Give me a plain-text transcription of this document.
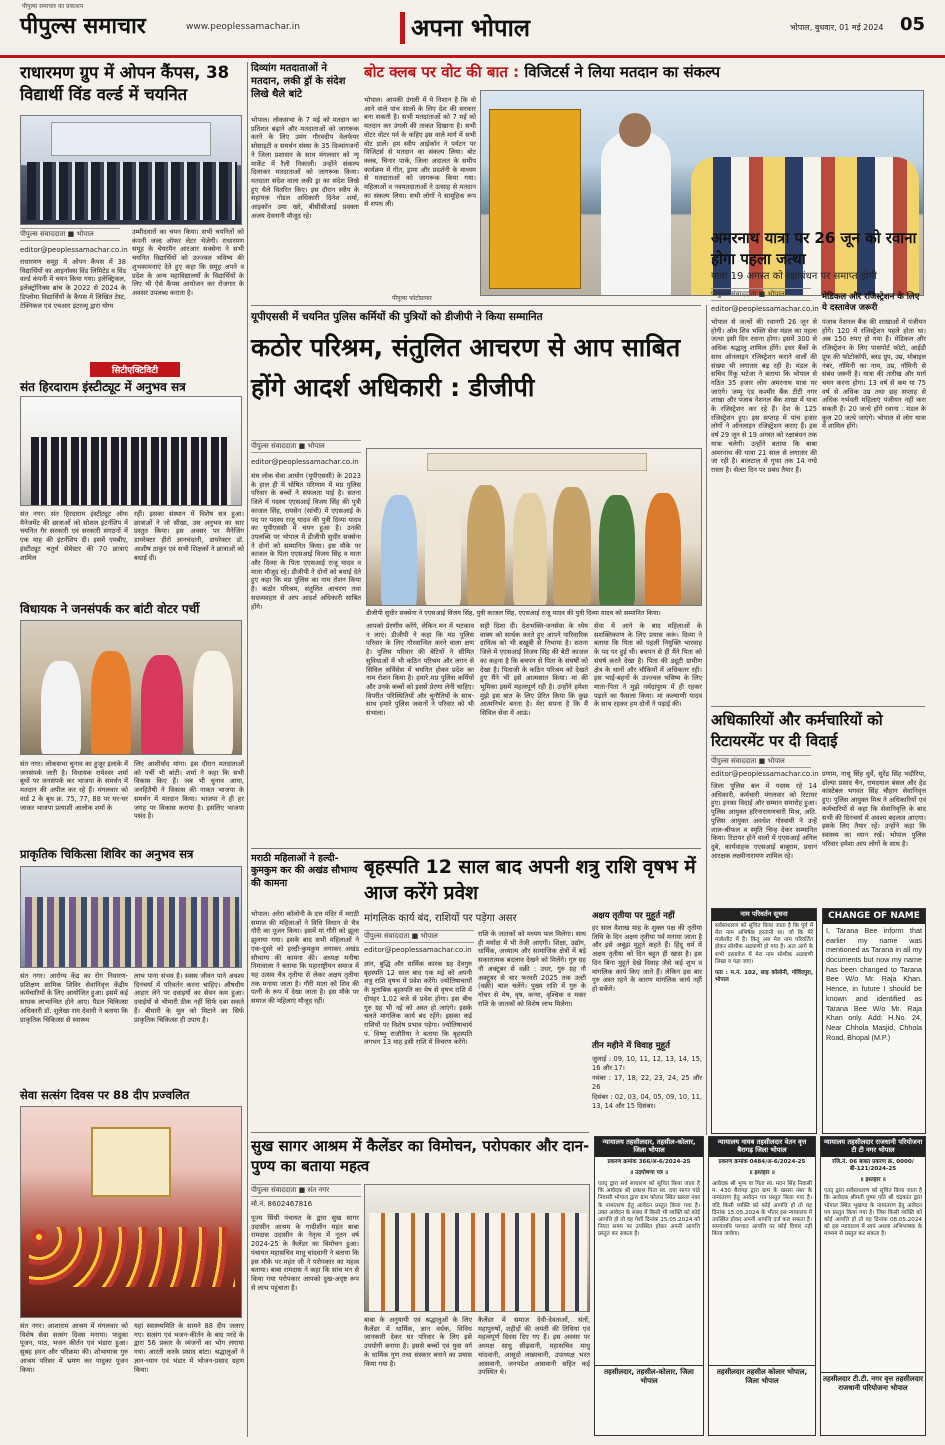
पीपुल्स समाचार का प्रकाशन
पीपुल्स समाचार	www.peoplessamachar.in	अपना भोपाल	भोपाल, बुधवार, 01 मई 2024 05
राधारमण ग्रुप में ओपन कैंपस, 38 विद्यार्थी विंड वर्ल्ड में चयनित
पीपुल्स संवाददाता ■ भोपाल
editor@peoplessamachar.co.in
राधारमण समूह में ओपन कैंपस में 38 विद्यार्थियों का आइनॉक्स विंड लिमिटेड व विंड वर्ल्ड कंपनी में चयन किया गया। इलेक्ट्रिकल, इलेक्ट्रॉनिक्स ब्रांच के 2022 से 2024 के डिप्लोमा विद्यार्थियों के कैंपस में लिखित टेस्ट, टेक्निकल एवं एचआर इंटरव्यू द्वारा योग्य
उम्मीदवारों का चयन किया। सभी चयनितों को कंपनी जल्द ऑफर लेटर भेजेगी। राधारमण समूह के चेयरमैन आरआर सक्सेना ने सभी चयनित विद्यार्थियों को उज्ज्वल भविष्य की शुभकामनाएं देते हुए कहा कि समूह अपने व प्रदेश के अन्य महाविद्यालयों के विद्यार्थियों के लिए भी ऐसे कैंपस आयोजन कर रोजगार के अवसर उपलब्ध कराता है।
सिटीएक्टिविटी
संत हिरदाराम इंस्टीट्यूट में अनुभव सत्र
संत नगर। संत हिरदाराम इंस्टीट्यूट ऑफ मैनेजमेंट की छात्राओं को सोशल इंटर्नशिप में चयनित गैर सरकारी एवं सरकारी संगठनों में एक माह की इंटर्नशिप दी। इसमें एमबीए, इंस्टीट्यूट चतुर्थ सेमेस्टर की 70 छात्राएं शामिल
रहीं। इसका संस्थान में विशेष सत्र हुआ। छात्राओं ने जो सीखा, उस अनुभव का सार प्रस्तुत किया। इस अवसर पर मैनेजिंग डायरेक्टर हीरो ज्ञानचंदानी, डायरेक्टर डॉ. आशीष ठाकुर एवं सभी शिक्षकों ने छात्राओं को बधाई दी।
विधायक ने जनसंपर्क कर बांटी वोटर पर्ची
संत नगर। लोकसभा चुनाव का हुजूर इलाके में जनसंपर्क जारी है। विधायक रामेश्वर शर्मा बूथों पर जनसंपर्क कर भाजपा के समर्थन में मतदान की अपील कर रहे हैं। मंगलवार को वार्ड 2 के बूथ क्र. 75, 77, 88 पर घर-घर जाकर भाजपा प्रत्याशी आलोक शर्मा के
लिए आशीर्वाद मांगा। इस दौरान मतदाताओं को पर्ची भी बांटी। शर्मा ने कहा कि सभी विकास किए हैं। जब भी चुनाव आया, जनहितैषी ने विकास की नाकत भाजपा के समर्थन में मतदान किया। भाजपा ने ही हर जगह पर विकास कराया है। इसलिए भाजपा पसंद है।
प्राकृतिक चिकित्सा शिविर का अनुभव सत्र
संत नगर। आरोग्य केंद्र का रोग निवारण-प्रशिक्षण सामिक शिविर सेवानिवृत्त केंद्रीय कर्मचारियों के लिए आयोजित हुआ। इसमें कई साधक लाभान्वित होने आए। पैडल चिकित्सा अधिकारी डॉ. शुलेखा राय देवानी ने बताया कि प्राकृतिक चिकित्सा से स्वास्थ्य
लाभ पाना संभव है। स्वस्थ जीवन पाने अवश्य दिनचर्या में परिवर्तन करना चाहिए। औषधीय आहार लेने पर दवाइयों का सेवन कम हुआ। दवाईयों से भीमारी ठीक नहीं सिर्फ दबा सकते हैं। बीमारी के मूल को मिटाने का सिर्फ प्राकृतिक चिकित्सा ही उपाय है।
सेवा सत्संग दिवस पर 88 दीप प्रज्वलित
संत नगर। आशाराम आश्रम में मंगलवार को विशेष सेवा सत्संग दिवस मनाया। पादुका पूजन, पाठ, भजन कीर्तन एवं भंडारा हुआ। सुबह हवन और परिक्रमा की। शोभायात्रा गुरु आश्रम परिसर में भ्रमण कर पादुका पूजन किया।
यहां स्वास्थ्यमिति के सामने 88 दीप जलाए गए। सत्संग एवं भजन-कीर्तन के बाद परदे के द्वारा 56 प्रकार के व्यंजनों का भोग लगाया गया। आरती करके प्रसाद बांटा। श्रद्धालुओं ने ज्ञान-ध्यान एवं भंडार में भोजन-प्रसाद ग्रहण किया।
दिव्यांग मतदाताओं ने मतदान, लकी ड्रॉ के संदेश लिखे थैले बांटे
भोपाल। लोकसभा के 7 मई को मतदान का प्रतिशत बढ़ाने और मतदाताओं को जागरूक करने के लिए उमंग गौरवदीप वेलफेयर सोसाइटी व समर्थन संस्था के 35 दिव्यांगजनों ने जिला प्रशासन के साथ मंगलवार को न्यू मार्केट में रैली निकाली। उन्होंने संकल्प दिलाकर मतदाताओं को जागरूक किया। मतदाता संदेश वाला लकी ड्रा का संदेश लिखे हुए थैले वितरित किए। इस दौरान स्वीप के सहायक नोडल अधिकारी दिनेश शर्मा, आइकॉन उमा खरे, बीसीसीआई प्रवक्ता अजय देवनानी मौजूद रहे।
बोट क्लब पर वोट की बात : विजिटर्स ने लिया मतदान का संकल्प
भोपाल। आपकी उंगली में ये निशान है कि वो आने वाले पांच सालों के लिए देश की सरकार बना सकती है। सभी मतदाताओं को 7 मई को मतदान कर उंगली की ताकत दिखाना है। सभी वोटर वोटर पर्व के कहिए इस वाले मार्ग में सभी वोट डालें। हम स्वीप आईकॉन ने पर्यटन पर विजिटर्स से मतदान का संकल्प लिया। बोट क्लब, चिनार पार्क, जिला अदालत के समीप कार्यक्रम में गीत, ड्रामा और प्रदर्शनी के माध्यम से मतदाताओं को जागरूक किया गया। महिलाओं व नवमतदाताओं ने उत्साह से मतदान का संकल्प लिया। सभी लोगों ने सामूहिक रूप से शपथ ली।
पीपुल्स फोटोग्राफर
यूपीएससी में चयनित पुलिस कर्मियों की पुत्रियों को डीजीपी ने किया सम्मानित
कठोर परिश्रम, संतुलित आचरण से आप साबित होंगे आदर्श अधिकारी : डीजीपी
पीपुल्स संवाददाता ■ भोपाल
editor@peoplessamachar.co.in
संघ लोक सेवा आयोग (यूपीएससी) के 2023 के हाल ही में घोषित परिणाम में मप्र पुलिस परिवार के बच्चों ने सफलता पाई है। सतना जिले में पदस्थ एएसआई विजय सिंह की पुत्री काजल सिंह, रायसेन (सांची) में एएसआई के पद पर पदस्थ राजू यादव की पुत्री दिव्या यादव का यूपीएससी में चयन हुआ है। उनकी उपलब्धि पर भोपाल में डीजीपी सुधीर सक्सेना ने दोनों को सम्मानित किया। इस मौके पर काजल के पिता एएसआई विजय सिंह व माता और दिव्या के पिता एएसआई राजू यादव व माता मौजूद रहे। डीजीपी ने दोनों को बधाई देते हुए कहा कि मप्र पुलिस का नाम रोशन किया है। कठोर परिश्रम, संतुलित आचरण तथा सदव्यवहार से आप आदर्श अधिकारी साबित होंगे।
डीजीपी सुधीर सक्सेना ने एएसआई विजय सिंह, पुत्री काजल सिंह, एएसआई राजू यादव की पुत्री दिव्या यादव को सम्मानित किया।
आपको प्रेरणीय करेंगे, लेकिन मन में भटकाव न लाएं। डीजीपी ने कहा कि मप्र पुलिस परिवार के लिए गौरवान्वित करने वाला क्षण है। पुलिस परिवार की बेटियों ने सीमित सुविधाओं में भी कठिन परिश्रम और लगन से सिविल सर्विसेस में चयनित होकर प्रदेश का नाम रोशन किया है। हमारे मप्र पुलिस कर्मियों और उनके बच्चों को इससे प्रेरणा लेनी चाहिए। विपरीत परिस्थितियों और चुनौतियों के साथ-साथ हमारे पुलिस जवानों ने परिवार को भी संभाला।
सही दिशा दी। देशभक्ति-जनसेवा के ध्येय वाक्य को सार्थक करते हुए आपने पारिवारिक दायित्व को भी बखूबी से निभाया है। सतना जिले में एएसआई विजय सिंह की बेटी काजल का कहना है कि बचपन से पिता के संघर्षों को देखा है। पिताजी के कठिन परिश्रम को देखते हुए मैंने भी इसे आत्मसात किया। मां की भूमिका इसमें महत्वपूर्ण रही है। उन्होंने हमेशा मुझे इस बात के लिए प्रेरित किया कि कुछ आत्मनिर्भर बनना है। मेरा सपना है कि मैं सिविल सेवा में आऊं।
सेवा में आने के बाद महिलाओं के सशक्तिकरण के लिए प्रयास करूं। दिव्या ने बताया कि पिता को पहली नियुक्ति भारवाह के पद पर हुई थी। बचपन से ही मैंने पिता को संघर्ष करते देखा है। पिता की ड्यूटी ग्रामीण क्षेत्र के थानों और चौकियों में अधिकतर रही। इस भाई-बहनों के उज्ज्वल भविष्य के लिए माता-पिता ने मुझे नर्मदापुरम में ही रहकर पढ़ाने का फैसला किया। मां कल्याणी यादव के साथ रहकर हम दोनों ने पढ़ाई की।
मराठी महिलाओं ने हल्दी-कुमकुम कर की अखंड सौभाग्य की कामना
भोपाल। अरेरा कॉलोनी के दत्त मंदिर में मराठी समाज की महिलाओं ने विधि विधान से चैत्र गौरी का पूजन किया। इसमें मां गौरी को झूला झुलाया गया। इसके बाद सभी महिलाओं ने एक-दूसरे को हल्दी-कुमकुम लगाकर अखंड सौभाग्य की कामना की। अध्यक्ष मनीषा निमावाला ने बताया कि महाराष्ट्रीयन समाज में यह उत्सव चैत्र तृतीया से लेकर अक्षय तृतीया तक मनाया जाता है। गौरी माता को शिव की पत्नी के रूप में देखा जाता है। इस मौके पर समाज की महिलाएं मौजूद रहीं।
बृहस्पति 12 साल बाद अपनी शत्रु राशि वृषभ में आज करेंगे प्रवेश
मांगलिक कार्य बंद, राशियों पर पड़ेगा असर
पीपुल्स संवाददाता ■ भोपाल
editor@peoplessamachar.co.in
ज्ञान, बुद्धि और धार्मिक कारक ग्रह देवगुरु बृहस्पति 12 साल बाद एक मई को अपनी शत्रु राशि वृषभ में प्रवेश करेंगे। ज्योतिषाचार्यों के मुताबिक बृहस्पति का मेष से वृषभ राशि में दोपहर 1.02 बजे से प्रवेश होगा। इस बीच गुरु ग्रह भी नई को अस्त हो जाएंगे। इसके चलते मांगलिक कार्य बंद रहेंगे। इसका कई राशियों पर विशेष प्रभाव पड़ेगा। ज्योतिषाचार्य पं. विष्णु राजौरिया ने बताया कि बृहस्पति लगभग 13 माह इसी राशि में विचरण करेंगे।
राशि के जातकों को मध्यम फल मिलेगा। साथ ही मर्यादा में भी तेजी आएगी। शिक्षा, उद्योग, धार्मिक, अध्यात्म और सामाजिक क्षेत्रों में बड़े सकारात्मक बदलाव देखने को मिलेंगे। गुरु ग्रह नौ अक्टूबर से वक्री : उधर, गुरु ग्रह नौ अक्टूबर से चार फरवरी 2025 तक उल्टी (वक्री) चाल चलेंगे। पुख्य राशि में गुरु के गोचर से मेष, वृष, कन्या, वृश्चिक व मकर राशि के जातकों को विशेष लाभ मिलेगा।
अक्षय तृतीया पर मुहूर्त नहीं
हर साल वैशाख माह के शुक्ल पक्ष की तृतीया तिथि के दिन अक्षय तृतीया पर्व मनाया जाता है और इसे अबूझ मुहूर्त कहते हैं। हिंदू धर्म में अक्षय तृतीया को दिन बहुत ही खास है। इस दिन बिना मुहूर्त देखे विवाह जैसे कई शुभ व मांगलिक कार्य किए जाते हैं। लेकिन इस बार गुरु अस्त रहने के कारण मांगलिक कार्य नहीं हो सकेंगे।
तीन महीने में विवाह मुहूर्त
जुलाई : 09, 10, 11, 12, 13, 14, 15, 16 और 17।
नवंबर : 17, 18, 22, 23, 24, 25 और 26
दिसंबर : 02, 03, 04, 05, 09, 10, 11, 13, 14 और 15 दिसंबर।
सुख सागर आश्रम में कैलेंडर का विमोचन, परोपकार और दान-पुण्य का बताया महत्व
पीपुल्स संवाददाता ■ संत नगर
मो.नं. 8602467816
पूज्य सिंधी पंचायत के द्वारा सुख सागर उदासीन आश्रम के गादीशीन महंत बाबा रामदास उदासीन के नेतृत्व में नूतन वर्ष 2024-25 के कैलेंडर का विमोचन हुआ। पंचायत महासचिव माधु चांदवानी ने बताया कि इस मौके पर महंत जी ने परोपकार का महत्व बताया। बाबा रामदास ने कहा कि सांच मन से किया गया परोपकार आपको दुख-अदृष्ट रूप से लाभ पहुंचाता है।
बाबा के अनुयायी एवं श्रद्धालुओं के लिए कैलेंडर में धार्मिक, ज्ञान वर्धक, विविध जानकारी देकर घर परिवार के लिए इसे उपयोगी बनाया है। इससे बच्चों एवं युवा वर्ग के धार्मिक गुण तथा संस्कार बनाने का प्रयास किया गया है।
कैलेंडर में समाज देवी-देवताओं, संतों, महापुरुषों, शहीदों की जयंती की तिथियां एवं महत्वपूर्ण दिवस दिए गए हैं। इस अवसर पर अध्यक्ष साधु सीढ़वानी, महासचिव माधु चांदवानी, आसुदो लख्यचानी, उपाध्यक्ष भरत आसवानी, जनपदेश आसवानी सहित कई उपस्थित थे।
अमरनाथ यात्रा पर 26 जून को रवाना होगा पहला जत्था
यात्रा 19 अगस्त को रक्षाबंधन पर समाप्त होगी
पीपुल्स संवाददाता ■ भोपाल
editor@peoplessamachar.co.in
भोपाल से जत्थों की रवानगी 26 जून से होगी। ओम शिव भक्ति सेवा मंडल का पहला जत्था इसी दिन रवाना होगा। इसमें 300 से अधिक श्रद्धालु शामिल होंगे। इधर बैंकों के साथ ऑनलाइन रजिस्ट्रेशन कराने वालों की संख्या भी लगातार बढ़ रही है। मंडल के सचिव रिंकू भटेजा ने बताया कि भोपाल से गठित 35 हजार लोग अमरनाथ यात्रा पर जाएंगे। जम्मू एंड कश्मीर बैंक टीटी नगर शाखा और पंजाब नेशनल बैंक शाखा में यात्रा के रजिस्ट्रेशन कर रहे हैं। देश के 125 रजिस्ट्रेशन हुए। इस सप्ताह में पांच हजार लोगों ने ऑनलाइन रजिस्ट्रेशन कराए हैं। इस वर्ष 29 जून से 19 अगस्त को रक्षाबंधन तक यात्रा चलेगी। उन्होंने बताया कि बाबा अमरनाथ की यात्रा 21 साल से लगातार की जा रही है। बालटाल से गुफा तक 14 नग्ग्रे रास्ता है। सेल्टा दिन पर प्रबंध तैयार हैं।
मेडिकल और रजिस्ट्रेशन के लिए ये दस्तावेज जरूरी
पंजाब नेशनल बैंक की शाखाओं में पंजीयन होंगे। 120 में रजिस्ट्रेशन पहले होता था। अब 150 रुपए हो गया है। मेडिकल और रजिस्ट्रेशन के लिए पासपोर्ट फोटो, आईडी प्रूफ की फोटोकॉपी, ब्लड ग्रुप, उम्र, मोबाइल नंबर, नॉमिनी का नाम, उम्र, नॉमिनी से संबंध जरूरी है। यात्रा की तारीख और मार्ग चयन करना होगा। 13 वर्ष से कम या 75 वर्ष से अधिक उम्र तथा छह सप्ताह से अधिक गर्भवती महिलाएं पंजीयन नहीं करा सकती हैं। 20 जत्थे होंगे रवाना : मंडल के कुल 20 जत्थे जाएंगे। भोपाल से लोग यात्रा में शामिल होंगे।
अधिकारियों और कर्मचारियों को रिटायरमेंट पर दी विदाई
पीपुल्स संवाददाता ■ भोपाल
editor@peoplessamachar.co.in
जिला पुलिस बल में पदस्थ रहे 14 अधिकारी, कर्मचारी मंगलवार को रिटायर हुए। इनका विदाई और सम्मान समारोह हुआ। पुलिस आयुक्त हरिनारायणचारी मिश्र, अति. पुलिस आयुक्त अवधेश गोस्वामी ने उन्हें शाल-श्रीफल व स्मृति चिन्ह देकर सम्मानित किया। रिटायर होने वालों में एएसआई अनिल दुबे, कार्यवाहक एएसआई बाबूराम, प्रधान आरक्षक लक्ष्मीनारायण शामिल रहे।
प्रणाम, नाथू सिंह धुर्वे, सुरेंद्र सिंह भदौरिया, ढोल्या प्रसाद चैन, रामदयाल बंसल और हेड कांस्टेबल भगवत सिंह चौहान सेवानिवृत्त हुए। पुलिस आयुक्त मिश्र ने अधिकारियों एवं कर्मचारियों से कहा कि सेवानिवृत्ति के बाद सभी की दिनचर्या में अवश्य बदलाव आएगा। इसके लिए तैयार रहें। उन्होंने कहा कि स्वास्थ्य का ध्यान रखें। भोपाल पुलिस परिवार हमेशा आप लोगों के साथ है।
नाम परिवर्तन सूचना
सर्वसाधारण को सूचित किया जाता है कि पूर्व में मेरा नाम अभिषेक हरतानी था। जो कि मेरे मार्कशीट में है। किंतु अब मेरा नाम परिवर्तित होकर सोशीक अडवाणी हो गया है। अतः आगे के सभी दस्तावेज में मेरा नाम सोशीक अडवाणी लिखा व पढ़ा जाए।
पता : म.नं. 102, साइ कॉलोनी, गोविंदपुरा, भोपाल
CHANGE OF NAME
I, Tarana Bee inform that earlier my name was mentioned as Tarana in all my documents but now my name has been changed to Tarana Bee W/o Mr. Raja Khan. Hence, in future I should be known and identified as Tarana Bee W/o Mr. Raja Khan only. Add: H.No. 24, Near Chhola Masjid, Chhola Road, Bhopal (M.P.)
न्यायालय तहसीलदार, तहसील-कोलार, जिला भोपाल
प्रकरण क्रमांक 366/अ-6/2024-25
॥ उदघोषणा पत्र ॥
एतद् द्वारा सर्व साधारण को सूचित किया जाता है कि आवेदक श्री प्रकाश पिता स्व. दया सागर पांडे निवासी भोपाल द्वारा ग्राम कोलार स्थित खसरा नंबर के नामांतरण हेतु आवेदन प्रस्तुत किया गया है। उक्त आवेदन के संबंध में किसी भी व्यक्ति को कोई आपत्ति हो तो वह पेशी दिनांक 15.05.2024 को नियत समय पर उपस्थित होकर अपनी आपत्ति प्रस्तुत कर सकता है।
तहसीलदार, तहसील-कोलार, जिला भोपाल
न्यायालय नायब तहसीलदार वेतन वृत्त बैरागढ़ जिला भोपाल
प्रकरण क्रमांक 0484/अ-6/2024-25
॥ इश्तहार ॥
आवेदक श्री भुप्प वा पिता स्व. मदन सिंह निवासी म. 430 बैरागढ़ द्वारा ग्राम के खसरा नंबर के नामांतरण हेतु आवेदन पत्र प्रस्तुत किया गया है। यदि किसी व्यक्ति को कोई आपत्ति हो तो वह दिनांक 15.05.2024 के भीतर इस न्यायालय में उपस्थित होकर अपनी आपत्ति दर्ज करा सकता है। समयावधि पश्चात आपत्ति पर कोई विचार नहीं किया जावेगा।
तहसीलदार तहसील कोलार भोपाल, जिला भोपाल
न्यायालय तहसीलदार राजधानी परियोजना टी टी नगर भोपाल
रजि.नं. 06 बाबत प्रकरण क्र. 0000/ बी-121/2024-25
॥ इश्तहार ॥
एतद् द्वारा सर्वसाधारण को सूचित किया जाता है कि आवेदक श्रीमती पुष्पा पति श्री चंद्रकांत द्वारा भोपाल स्थित भूखण्ड के नामांतरण हेतु आवेदन पत्र प्रस्तुत किया गया है। जिस किसी व्यक्ति को कोई आपत्ति हो तो वह दिनांक 08.05.2024 को इस न्यायालय में स्वयं अथवा अभिभाषक के माध्यम से प्रस्तुत कर सकता है।
तहसीलदार टी.टी. नगर वृत्त तहसीलदार राजधानी परियोजना भोपाल
